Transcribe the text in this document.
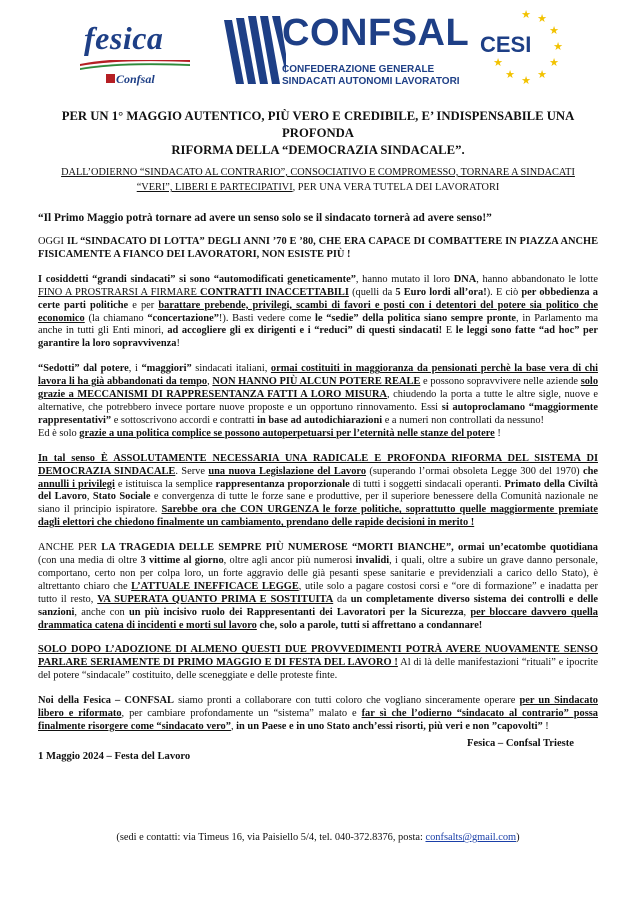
fesica
Confsal
CONFSAL
CONFEDERAZIONE GENERALE
SINDACATI AUTONOMI LAVORATORI
★ ★
★
★
★
★
★
★
★
CESI

PER UN 1° MAGGIO AUTENTICO, PIÙ VERO E CREDIBILE, E’ INDISPENSABILE UNA PROFONDA
RIFORMA DELLA “DEMOCRAZIA SINDACALE”.

DALL’ODIERNO “SINDACATO AL CONTRARIO”, CONSOCIATIVO E COMPROMESSO, TORNARE A SINDACATI
“VERI”, LIBERI E PARTECIPATIVI, PER UNA VERA TUTELA DEI LAVORATORI

“Il Primo Maggio potrà tornare ad avere un senso solo se il sindacato tornerà ad avere senso!”

OGGI IL “SINDACATO DI LOTTA” DEGLI ANNI ’70 E ’80, CHE ERA CAPACE DI COMBATTERE IN PIAZZA ANCHE FISICAMENTE A FIANCO DEI LAVORATORI, NON ESISTE PIÙ !

I cosiddetti “grandi sindacati” si sono “automodificati geneticamente”, hanno mutato il loro DNA, hanno abbandonato le lotte FINO A PROSTRARSI A FIRMARE CONTRATTI INACCETTABILI (quelli da 5 Euro lordi all’ora!). E ciò per obbedienza a certe parti politiche e per barattare prebende, privilegi, scambi di favori e posti con i detentori del potere sia politico che economico (la chiamano “concertazione”!). Basti vedere come le “sedie” della politica siano sempre pronte, in Parlamento ma anche in tutti gli Enti minori, ad accogliere gli ex dirigenti e i “reduci” di questi sindacati! E le leggi sono fatte “ad hoc” per garantire la loro sopravvivenza!

“Sedotti” dal potere, i “maggiori” sindacati italiani, ormai costituiti in maggioranza da pensionati perchè la base vera di chi lavora li ha già abbandonati da tempo, NON HANNO PIÙ ALCUN POTERE REALE e possono sopravvivere nelle aziende solo grazie a MECCANISMI DI RAPPRESENTANZA FATTI A LORO MISURA, chiudendo la porta a tutte le altre sigle, nuove e alternative, che potrebbero invece portare nuove proposte e un opportuno rinnovamento. Essi si autoproclamano “maggiormente rappresentativi” e sottoscrivono accordi e contratti in base ad autodichiarazioni e a numeri non controllati da nessuno!
Ed è solo grazie a una politica complice se possono autoperpetuarsi per l’eternità nelle stanze del potere !

In tal senso È ASSOLUTAMENTE NECESSARIA UNA RADICALE E PROFONDA RIFORMA DEL SISTEMA DI DEMOCRAZIA SINDACALE. Serve una nuova Legislazione del Lavoro (superando l’ormai obsoleta Legge 300 del 1970) che annulli i privilegi e istituisca la semplice rappresentanza proporzionale di tutti i soggetti sindacali operanti. Primato della Civiltà del Lavoro, Stato Sociale e convergenza di tutte le forze sane e produttive, per il superiore benessere della Comunità nazionale ne siano il principio ispiratore. Sarebbe ora che CON URGENZA le forze politiche, soprattutto quelle maggiormente premiate dagli elettori che chiedono finalmente un cambiamento, prendano delle rapide decisioni in merito !

ANCHE PER LA TRAGEDIA DELLE SEMPRE PIÙ NUMEROSE “MORTI BIANCHE”, ormai un’ecatombe quotidiana (con una media di oltre 3 vittime al giorno, oltre agli ancor più numerosi invalidi, i quali, oltre a subire un grave danno personale, comportano, certo non per colpa loro, un forte aggravio delle già pesanti spese sanitarie e previdenziali a carico dello Stato), è altrettanto chiaro che L’ATTUALE INEFFICACE LEGGE, utile solo a pagare costosi corsi e “ore di formazione” e inadatta per tutto il resto, VA SUPERATA QUANTO PRIMA E SOSTITUITA da un completamente diverso sistema dei controlli e delle sanzioni, anche con un più incisivo ruolo dei Rappresentanti dei Lavoratori per la Sicurezza, per bloccare davvero quella drammatica catena di incidenti e morti sul lavoro che, solo a parole, tutti si affrettano a condannare!

SOLO DOPO L’ADOZIONE DI ALMENO QUESTI DUE PROVVEDIMENTI POTRÀ AVERE NUOVAMENTE SENSO PARLARE SERIAMENTE DI PRIMO MAGGIO E DI FESTA DEL LAVORO ! Al di là delle manifestazioni “rituali” e ipocrite del potere “sindacale” costituito, delle sceneggiate e delle proteste finte.

Noi della Fesica – CONFSAL siamo pronti a collaborare con tutti coloro che vogliano sinceramente operare per un Sindacato libero e riformato, per cambiare profondamente un “sistema” malato e far sì che l’odierno “sindacato al contrario” possa finalmente risorgere come “sindacato vero”, in un Paese e in uno Stato anch’essi risorti, più veri e non ”capovolti” !

Fesica – Confsal Trieste

1 Maggio 2024 – Festa del Lavoro

(sedi e contatti: via Timeus 16, via Paisiello 5/4, tel. 040-372.8376, posta: confsalts@gmail.com)
